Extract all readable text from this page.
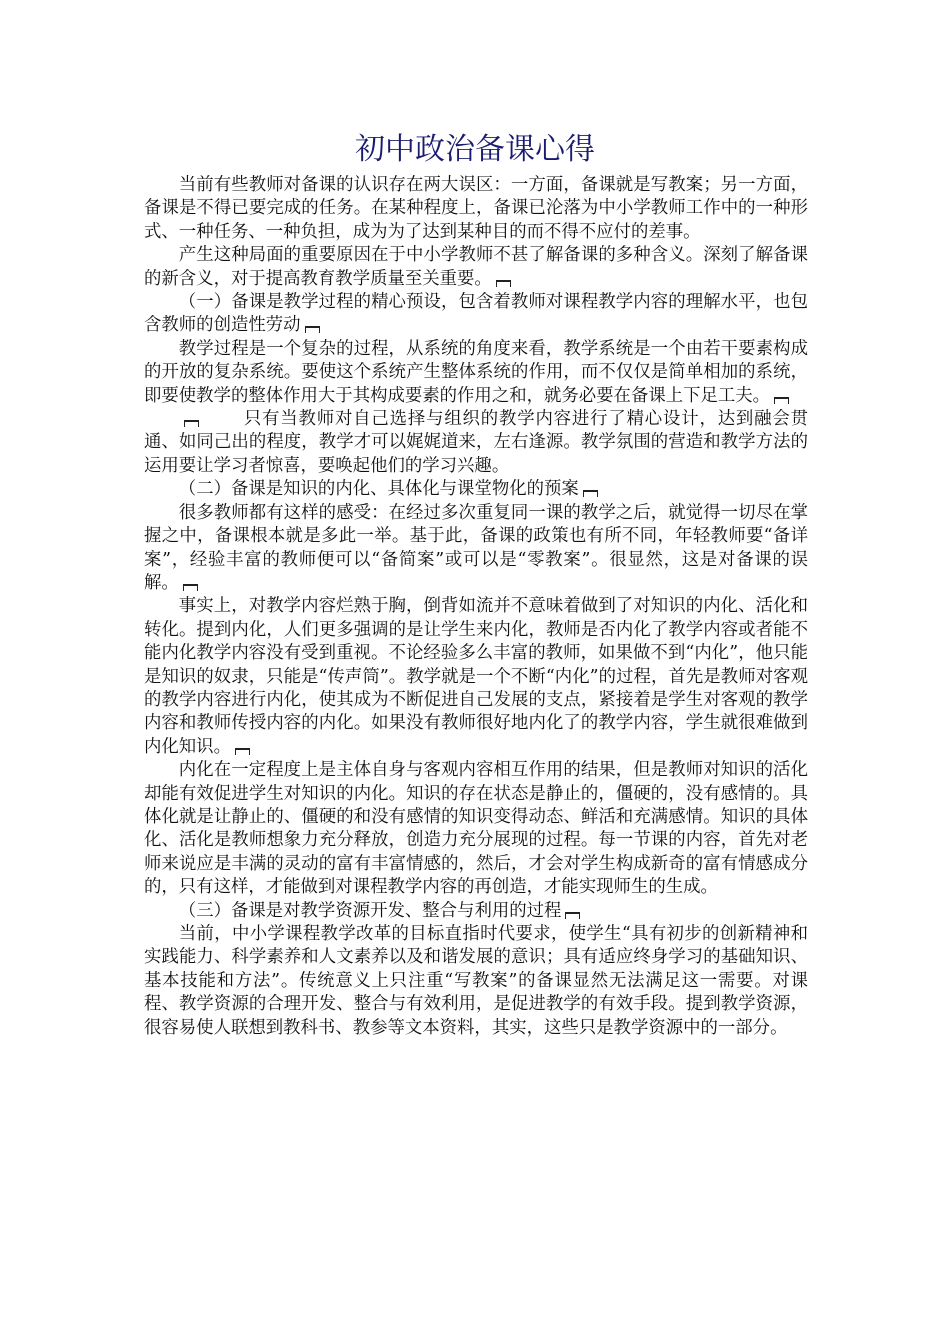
初中政治备课心得

当前有些教师对备课的认识存在两大误区：一方面，备课就是写教案；另一方面，备课是不得已要完成的任务。在某种程度上，备课已沦落为中小学教师工作中的一种形式、一种任务、一种负担，成为为了达到某种目的而不得不应付的差事。

产生这种局面的重要原因在于中小学教师不甚了解备课的多种含义。深刻了解备课的新含义，对于提高教育教学质量至关重要。

（一）备课是教学过程的精心预设，包含着教师对课程教学内容的理解水平，也包含教师的创造性劳动

教学过程是一个复杂的过程，从系统的角度来看，教学系统是一个由若干要素构成的开放的复杂系统。要使这个系统产生整体系统的作用，而不仅仅是简单相加的系统，即要使教学的整体作用大于其构成要素的作用之和，就务必要在备课上下足工夫。

只有当教师对自己选择与组织的教学内容进行了精心设计，达到融会贯通、如同己出的程度，教学才可以娓娓道来，左右逢源。教学氛围的营造和教学方法的运用要让学习者惊喜，要唤起他们的学习兴趣。

（二）备课是知识的内化、具体化与课堂物化的预案

很多教师都有这样的感受：在经过多次重复同一课的教学之后，就觉得一切尽在掌握之中，备课根本就是多此一举。基于此，备课的政策也有所不同，年轻教师要“备详案”，经验丰富的教师便可以“备简案”或可以是“零教案”。很显然，这是对备课的误解。

事实上，对教学内容烂熟于胸，倒背如流并不意味着做到了对知识的内化、活化和转化。提到内化，人们更多强调的是让学生来内化，教师是否内化了教学内容或者能不能内化教学内容没有受到重视。不论经验多么丰富的教师，如果做不到“内化”，他只能是知识的奴隶，只能是“传声筒”。教学就是一个不断“内化”的过程，首先是教师对客观的教学内容进行内化，使其成为不断促进自己发展的支点，紧接着是学生对客观的教学内容和教师传授内容的内化。如果没有教师很好地内化了的教学内容，学生就很难做到内化知识。

内化在一定程度上是主体自身与客观内容相互作用的结果，但是教师对知识的活化却能有效促进学生对知识的内化。知识的存在状态是静止的，僵硬的，没有感情的。具体化就是让静止的、僵硬的和没有感情的知识变得动态、鲜活和充满感情。知识的具体化、活化是教师想象力充分释放，创造力充分展现的过程。每一节课的内容，首先对老师来说应是丰满的灵动的富有丰富情感的，然后，才会对学生构成新奇的富有情感成分的，只有这样，才能做到对课程教学内容的再创造，才能实现师生的生成。

（三）备课是对教学资源开发、整合与利用的过程

当前，中小学课程教学改革的目标直指时代要求，使学生“具有初步的创新精神和实践能力、科学素养和人文素养以及和谐发展的意识；具有适应终身学习的基础知识、基本技能和方法”。传统意义上只注重“写教案”的备课显然无法满足这一需要。对课程、教学资源的合理开发、整合与有效利用，是促进教学的有效手段。提到教学资源，很容易使人联想到教科书、教参等文本资料，其实，这些只是教学资源中的一部分。
